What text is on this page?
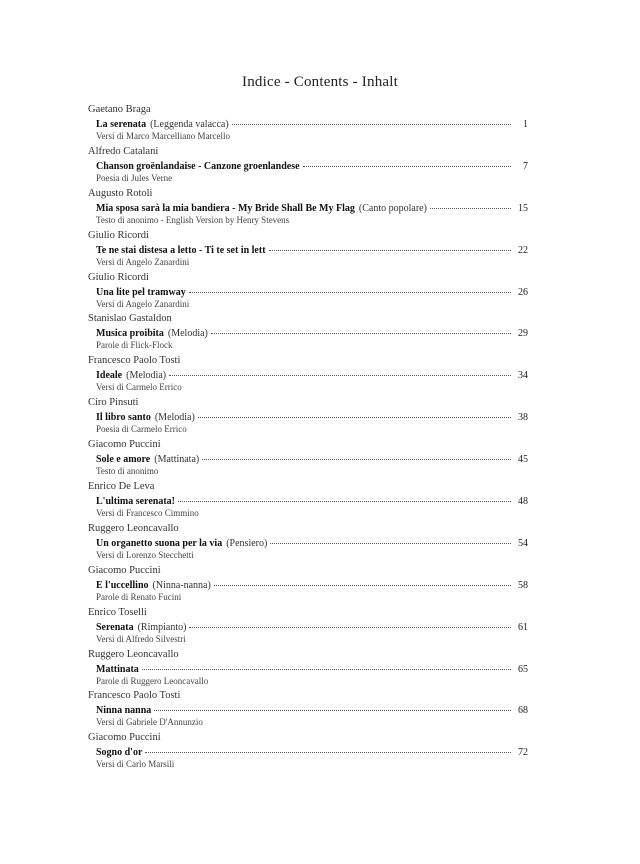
Indice - Contents - Inhalt
Gaetano Braga
La serenata (Leggenda valacca)	1
Versi di Marco Marcelliano Marcello
Alfredo Catalani
Chanson groënlandaise - Canzone groenlandese	7
Poesia di Jules Verne
Augusto Rotoli
Mia sposa sarà la mia bandiera - My Bride Shall Be My Flag (Canto popolare)	15
Testo di anonimo - English Version by Henry Stevens
Giulio Ricordi
Te ne stai distesa a letto - Ti te set in lett	22
Versi di Angelo Zanardini
Giulio Ricordi
Una lite pel tramway	26
Versi di Angelo Zanardini
Stanislao Gastaldon
Musica proibita (Melodia)	29
Parole di Flick-Flock
Francesco Paolo Tosti
Ideale (Melodia)	34
Versi di Carmelo Errico
Ciro Pinsuti
Il libro santo (Melodia)	38
Poesia di Carmelo Errico
Giacomo Puccini
Sole e amore (Mattinata)	45
Testo di anonimo
Enrico De Leva
L'ultima serenata!	48
Versi di Francesco Cimmino
Ruggero Leoncavallo
Un organetto suona per la via (Pensiero)	54
Versi di Lorenzo Stecchetti
Giacomo Puccini
E l'uccellino (Ninna-nanna)	58
Parole di Renato Fucini
Enrico Toselli
Serenata (Rimpianto)	61
Versi di Alfredo Silvestri
Ruggero Leoncavallo
Mattinata	65
Parole di Ruggero Leoncavallo
Francesco Paolo Tosti
Ninna nanna	68
Versi di Gabriele D'Annunzio
Giacomo Puccini
Sogno d'or	72
Versi di Carlo Marsili
